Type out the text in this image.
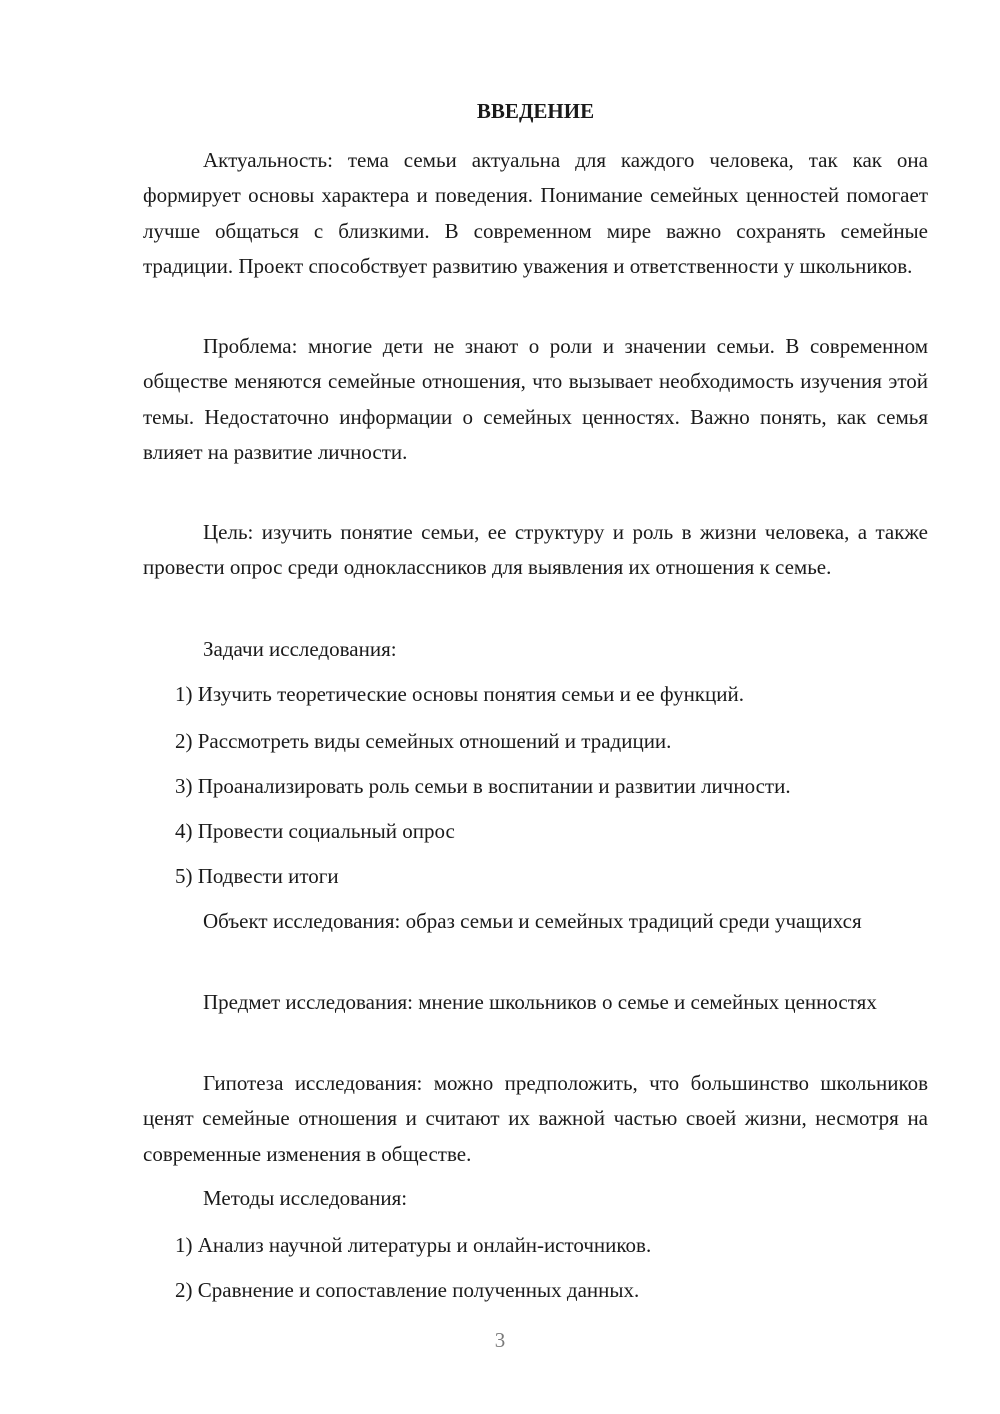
ВВЕДЕНИЕ

Актуальность: тема семьи актуальна для каждого человека, так как она формирует основы характера и поведения. Понимание семейных ценностей помогает лучше общаться с близкими. В современном мире важно сохранять семейные традиции. Проект способствует развитию уважения и ответственности у школьников.

Проблема: многие дети не знают о роли и значении семьи. В современном обществе меняются семейные отношения, что вызывает необходимость изучения этой темы. Недостаточно информации о семейных ценностях. Важно понять, как семья влияет на развитие личности.

Цель: изучить понятие семьи, ее структуру и роль в жизни человека, а также провести опрос среди одноклассников для выявления их отношения к семье.

Задачи исследования:

1) Изучить теоретические основы понятия семьи и ее функций.

2) Рассмотреть виды семейных отношений и традиции.

3) Проанализировать роль семьи в воспитании и развитии личности.

4) Провести социальный опрос

5) Подвести итоги

Объект исследования: образ семьи и семейных традиций среди учащихся

Предмет исследования: мнение школьников о семье и семейных ценностях

Гипотеза исследования: можно предположить, что большинство школьников ценят семейные отношения и считают их важной частью своей жизни, несмотря на современные изменения в обществе.

Методы исследования:

1) Анализ научной литературы и онлайн-источников.

2) Сравнение и сопоставление полученных данных.

3
